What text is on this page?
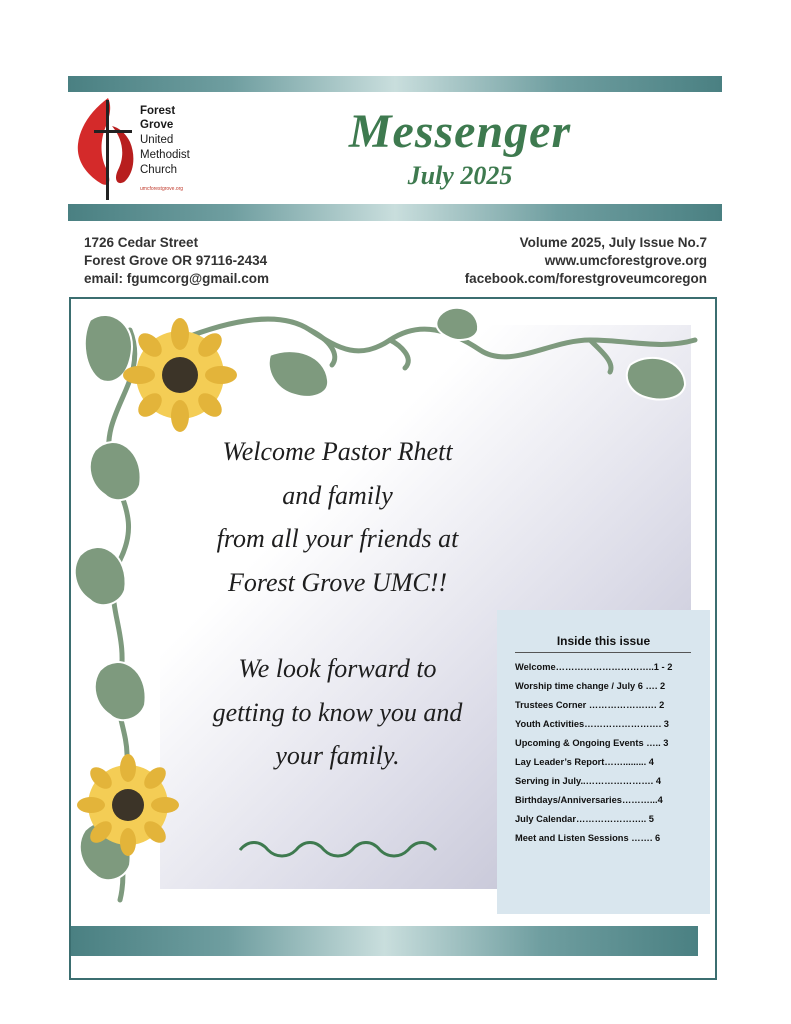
Forest
Grove
United
Methodist
Church
umcforestgrove.org
Messenger
July 2025
1726 Cedar Street
Forest Grove OR 97116-2434
email: fgumcorg@gmail.com
Volume 2025, July Issue No.7
www.umcforestgrove.org
facebook.com/forestgroveumcoregon

Welcome Pastor Rhett

and family

from all your friends at

Forest Grove UMC!!

We look forward to

getting to know you and

your family.

Inside this issue
Welcome…………………………..1 - 2
Worship time change / July 6 …. 2
Trustees Corner …………………. 2
Youth Activities……………………. 3
Upcoming & Ongoing Events ….. 3
Lay Leader’s Report……......... 4
Serving in July..…………………. 4
Birthdays/Anniversaries………...4
July Calendar………………….. 5
Meet and Listen Sessions ……. 6
